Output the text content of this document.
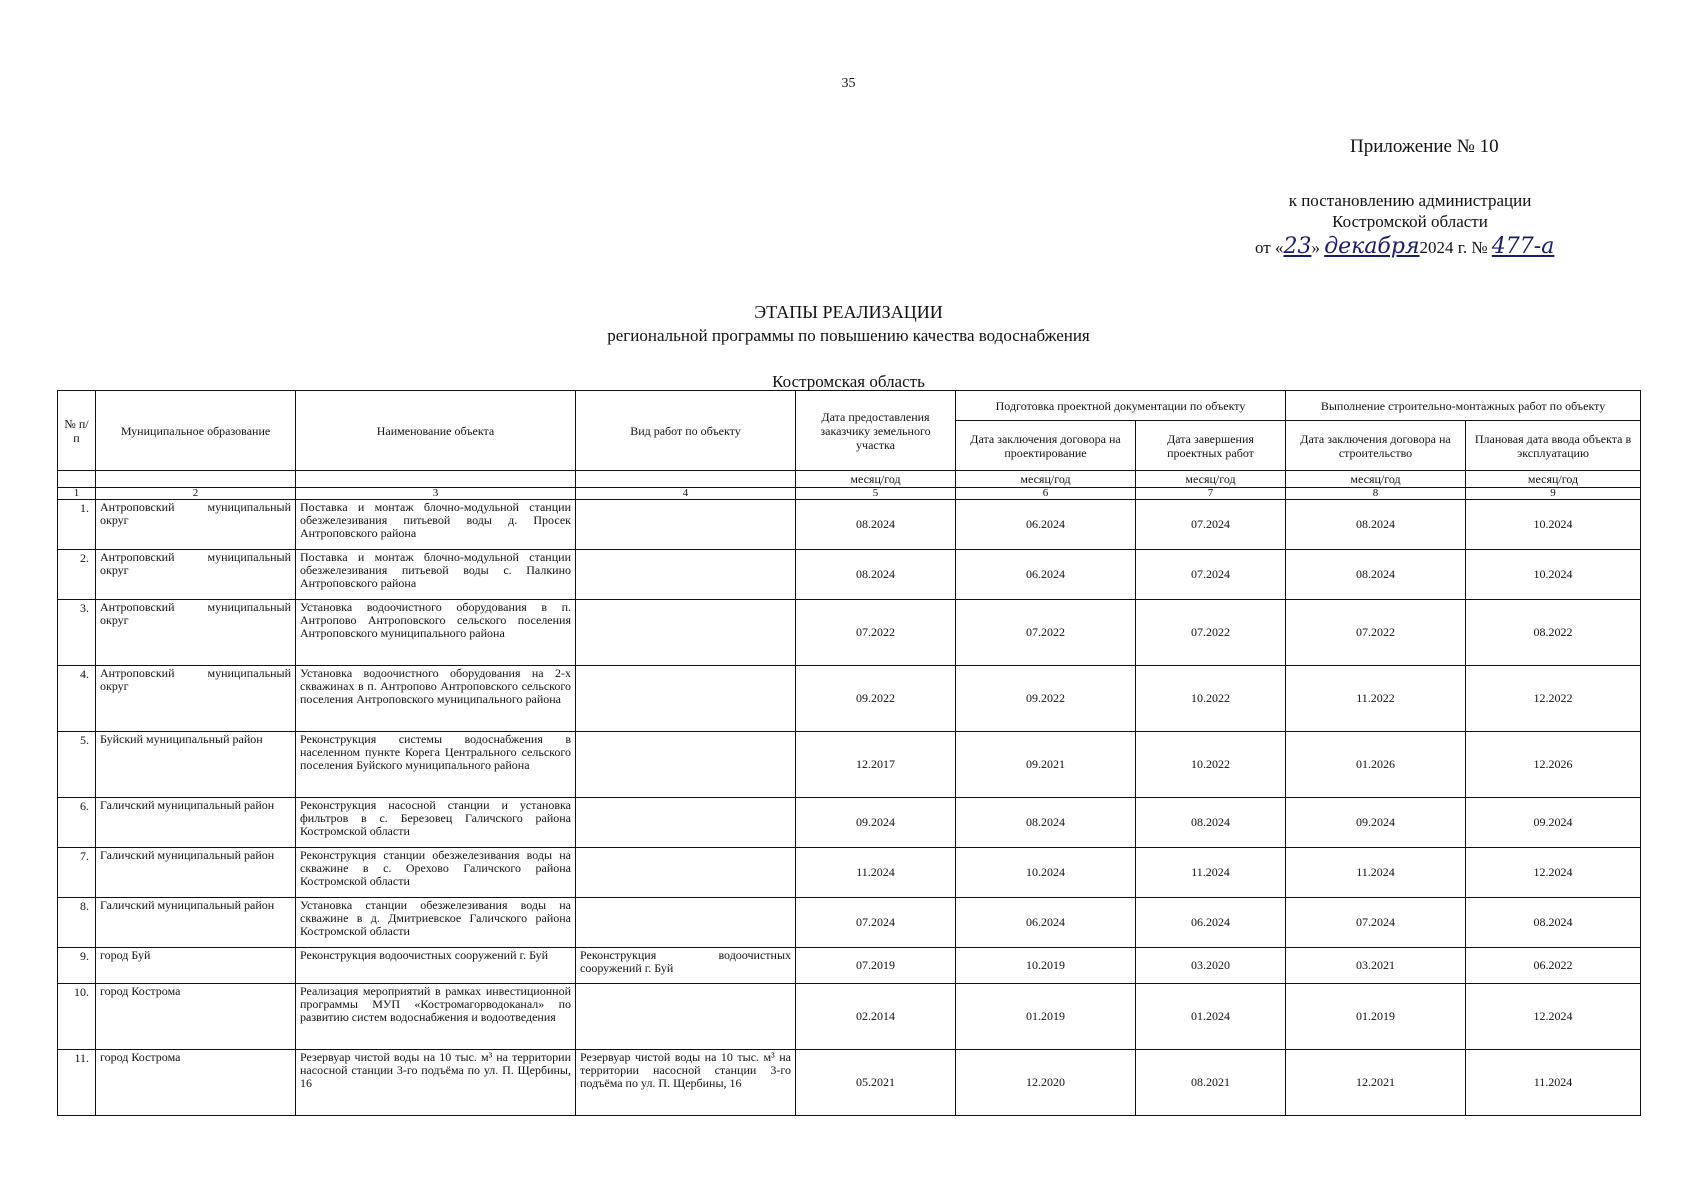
35
Приложение № 10
к постановлению администрации
Костромской области
от «23» декабря2024 г. № 477-а
ЭТАПЫ РЕАЛИЗАЦИИ
региональной программы по повышению качества водоснабжения
Костромская область
№ п/п	Муниципальное образование	Наименование объекта	Вид работ по объекту	Дата предоставления заказчику земельного участка	Подготовка проектной документации по объекту		Выполнение строительно-монтажных работ по объекту	
					Дата заключения договора на проектирование	Дата завершения проектных работ	Дата заключения договора на строительство	Плановая дата ввода объекта в эксплуатацию
				месяц/год	месяц/год	месяц/год	месяц/год	месяц/год
1	2	3	4	5	6	7	8	9
1.	Антроповский муниципальный округ	Поставка и монтаж блочно-модульной станции обезжелезивания питьевой воды д. Просек Антроповского района		08.2024	06.2024	07.2024	08.2024	10.2024
2.	Антроповский муниципальный округ	Поставка и монтаж блочно-модульной станции обезжелезивания питьевой воды с. Палкино Антроповского района		08.2024	06.2024	07.2024	08.2024	10.2024
3.	Антроповский муниципальный округ	Установка водоочистного оборудования в п. Антропово Антроповского сельского поселения Антроповского муниципального района		07.2022	07.2022	07.2022	07.2022	08.2022
4.	Антроповский муниципальный округ	Установка водоочистного оборудования на 2-х скважинах в п. Антропово Антроповского сельского поселения Антроповского муниципального района		09.2022	09.2022	10.2022	11.2022	12.2022
5.	Буйский муниципальный район	Реконструкция системы водоснабжения в населенном пункте Корега Центрального сельского поселения Буйского муниципального района		12.2017	09.2021	10.2022	01.2026	12.2026
6.	Галичский муниципальный район	Реконструкция насосной станции и установка фильтров в с. Березовец Галичского района Костромской области		09.2024	08.2024	08.2024	09.2024	09.2024
7.	Галичский муниципальный район	Реконструкция станции обезжелезивания воды на скважине в с. Орехово Галичского района Костромской области		11.2024	10.2024	11.2024	11.2024	12.2024
8.	Галичский муниципальный район	Установка станции обезжелезивания воды на скважине в д. Дмитриевское Галичского района Костромской области		07.2024	06.2024	06.2024	07.2024	08.2024
9.	город Буй	Реконструкция водоочистных сооружений г. Буй	Реконструкция водоочистных сооружений г. Буй	07.2019	10.2019	03.2020	03.2021	06.2022
10.	город Кострома	Реализация мероприятий в рамках инвестиционной программы МУП «Костромагорводоканал» по развитию систем водоснабжения и водоотведения		02.2014	01.2019	01.2024	01.2019	12.2024
11.	город Кострома	Резервуар чистой воды на 10 тыс. м³ на территории насосной станции 3-го подъёма по ул. П. Щербины, 16	Резервуар чистой воды на 10 тыс. м³ на территории насосной станции 3-го подъёма по ул. П. Щербины, 16	05.2021	12.2020	08.2021	12.2021	11.2024
